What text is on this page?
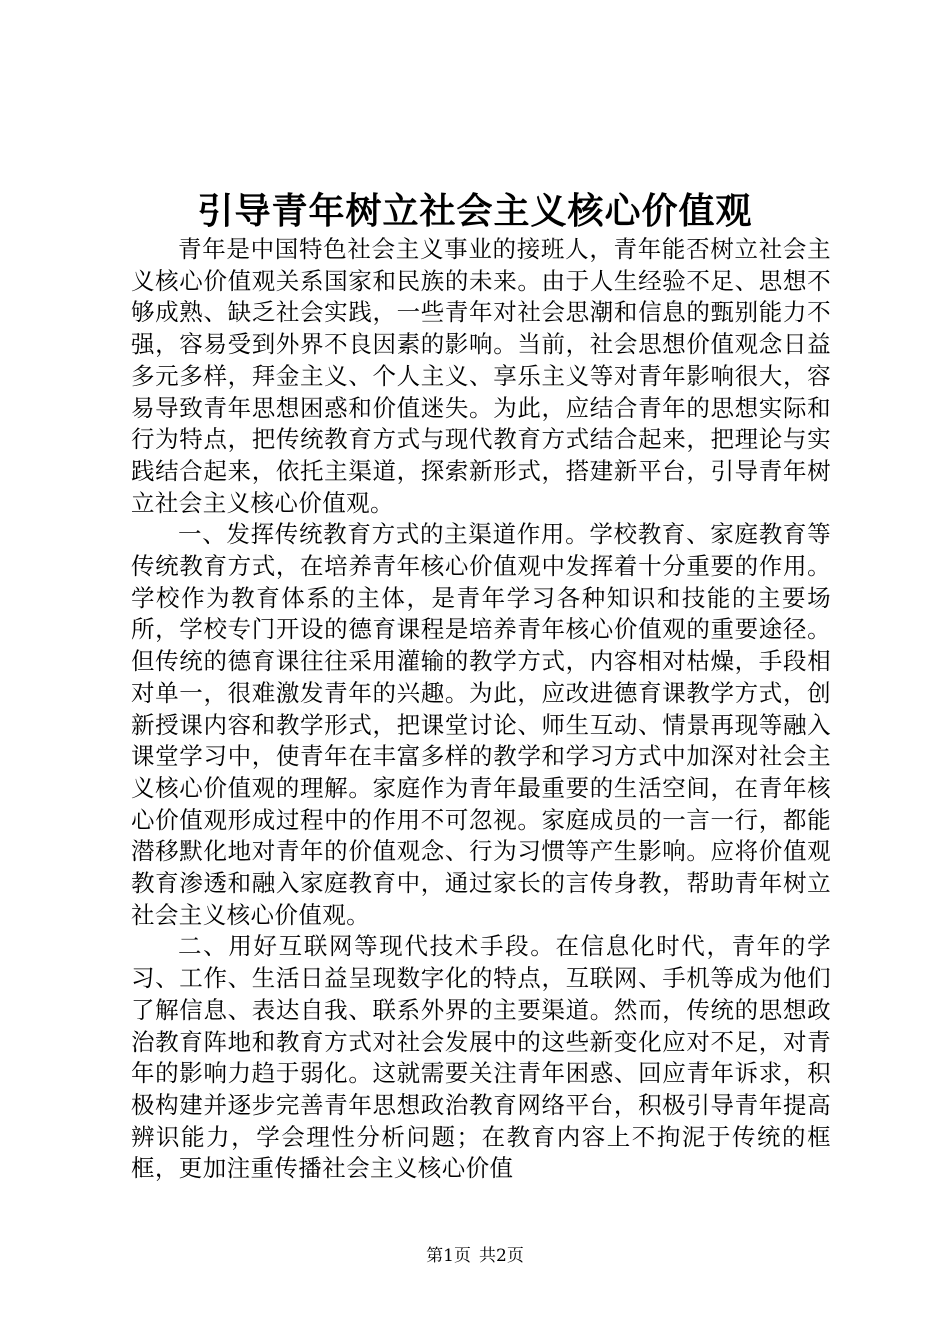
引导青年树立社会主义核心价值观

青年是中国特色社会主义事业的接班人，青年能否树立社会主义核心价值观关系国家和民族的未来。由于人生经验不足、思想不够成熟、缺乏社会实践，一些青年对社会思潮和信息的甄别能力不强，容易受到外界不良因素的影响。当前，社会思想价值观念日益多元多样，拜金主义、个人主义、享乐主义等对青年影响很大，容易导致青年思想困惑和价值迷失。为此，应结合青年的思想实际和行为特点，把传统教育方式与现代教育方式结合起来，把理论与实践结合起来，依托主渠道，探索新形式，搭建新平台，引导青年树立社会主义核心价值观。

一、发挥传统教育方式的主渠道作用。学校教育、家庭教育等传统教育方式，在培养青年核心价值观中发挥着十分重要的作用。学校作为教育体系的主体，是青年学习各种知识和技能的主要场所，学校专门开设的德育课程是培养青年核心价值观的重要途径。但传统的德育课往往采用灌输的教学方式，内容相对枯燥，手段相对单一，很难激发青年的兴趣。为此，应改进德育课教学方式，创新授课内容和教学形式，把课堂讨论、师生互动、情景再现等融入课堂学习中，使青年在丰富多样的教学和学习方式中加深对社会主义核心价值观的理解。家庭作为青年最重要的生活空间，在青年核心价值观形成过程中的作用不可忽视。家庭成员的一言一行，都能潜移默化地对青年的价值观念、行为习惯等产生影响。应将价值观教育渗透和融入家庭教育中，通过家长的言传身教，帮助青年树立社会主义核心价值观。

二、用好互联网等现代技术手段。在信息化时代，青年的学习、工作、生活日益呈现数字化的特点，互联网、手机等成为他们了解信息、表达自我、联系外界的主要渠道。然而，传统的思想政治教育阵地和教育方式对社会发展中的这些新变化应对不足，对青年的影响力趋于弱化。这就需要关注青年困惑、回应青年诉求，积极构建并逐步完善青年思想政治教育网络平台，积极引导青年提高辨识能力，学会理性分析问题；在教育内容上不拘泥于传统的框框，更加注重传播社会主义核心价值

第1页 共2页
